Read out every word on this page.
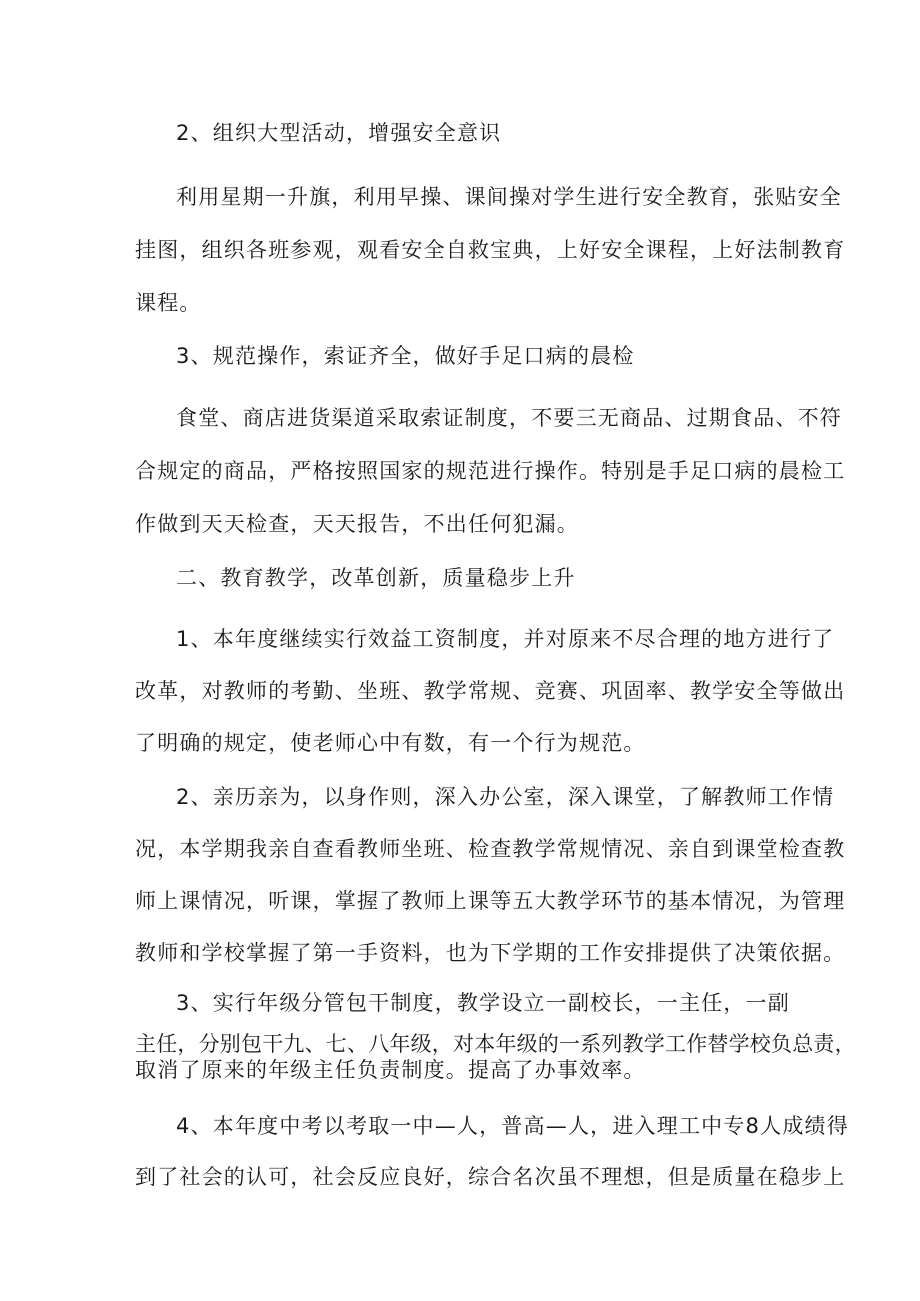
2、组织大型活动，增强安全意识
利用星期一升旗，利用早操、课间操对学生进行安全教育，张贴安全
挂图，组织各班参观，观看安全自救宝典，上好安全课程，上好法制教育
课程。
3、规范操作，索证齐全，做好手足口病的晨检
食堂、商店进货渠道采取索证制度，不要三无商品、过期食品、不符
合规定的商品，严格按照国家的规范进行操作。特别是手足口病的晨检工
作做到天天检查，天天报告，不出任何犯漏。
二、教育教学，改革创新，质量稳步上升
1、本年度继续实行效益工资制度，并对原来不尽合理的地方进行了
改革，对教师的考勤、坐班、教学常规、竞赛、巩固率、教学安全等做出
了明确的规定，使老师心中有数，有一个行为规范。
2、亲历亲为，以身作则，深入办公室，深入课堂，了解教师工作情
况，本学期我亲自查看教师坐班、检查教学常规情况、亲自到课堂检查教
师上课情况，听课，掌握了教师上课等五大教学环节的基本情况，为管理
教师和学校掌握了第一手资料，也为下学期的工作安排提供了决策依据。
3、实行年级分管包干制度，教学设立一副校长，一主任，一副
主任，分别包干九、七、八年级，对本年级的一系列教学工作替学校负总责，
取消了原来的年级主任负责制度。提高了办事效率。
4、本年度中考以考取一中—人，普高—人，进入理工中专8人成绩得
到了社会的认可，社会反应良好，综合名次虽不理想，但是质量在稳步上
